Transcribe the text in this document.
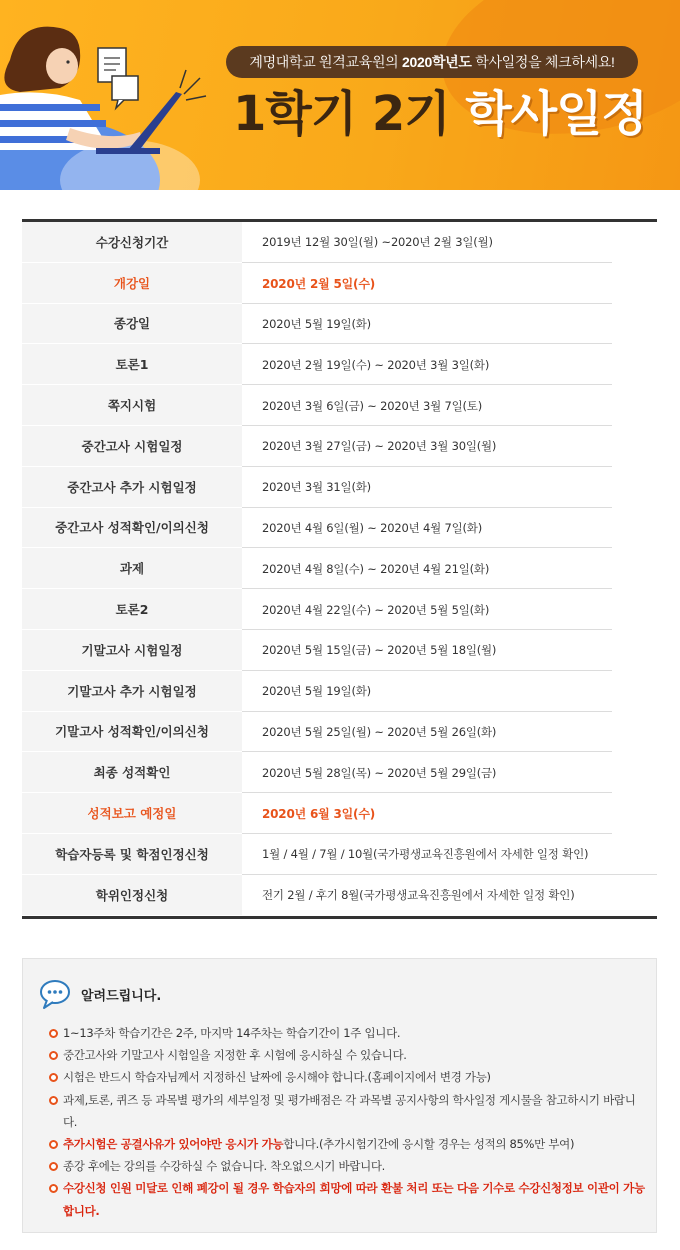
계명대학교 원격교육원의 2020학년도 학사일정을 체크하세요!
1학기 2기 학사일정
수강신청기간	2019년 12월 30일(월) ~2020년 2월 3일(월)
개강일	2020년 2월 5일(수)
종강일	2020년 5월 19일(화)
토론1	2020년 2월 19일(수) ~ 2020년 3월 3일(화)
쪽지시험	2020년 3월 6일(금) ~ 2020년 3월 7일(토)
중간고사 시험일정	2020년 3월 27일(금) ~ 2020년 3월 30일(월)
중간고사 추가 시험일정	2020년 3월 31일(화)
중간고사 성적확인/이의신청	2020년 4월 6일(월) ~ 2020년 4월 7일(화)
과제	2020년 4월 8일(수) ~ 2020년 4월 21일(화)
토론2	2020년 4월 22일(수) ~ 2020년 5월 5일(화)
기말고사 시험일정	2020년 5월 15일(금) ~ 2020년 5월 18일(월)
기말고사 추가 시험일정	2020년 5월 19일(화)
기말고사 성적확인/이의신청	2020년 5월 25일(월) ~ 2020년 5월 26일(화)
최종 성적확인	2020년 5월 28일(목) ~ 2020년 5월 29일(금)
성적보고 예정일	2020년 6월 3일(수)
학습자등록 및 학점인정신청	1월 / 4월 / 7월 / 10월(국가평생교육진흥원에서 자세한 일정 확인)
학위인정신청	전기 2월 / 후기 8월(국가평생교육진흥원에서 자세한 일정 확인)
알려드립니다.
1~13주차 학습기간은 2주, 마지막 14주차는 학습기간이 1주 입니다.
중간고사와 기말고사 시험일을 지정한 후 시험에 응시하실 수 있습니다.
시험은 반드시 학습자님께서 지정하신 날짜에 응시해야 합니다.(홈페이지에서 변경 가능)
과제,토론, 퀴즈 등 과목별 평가의 세부일정 및 평가배점은 각 과목별 공지사항의 학사일정 게시물을 참고하시기 바랍니다.
추가시험은 공결사유가 있어야만 응시가 가능합니다.(추가시험기간에 응시할 경우는 성적의 85%만 부여)
종강 후에는 강의를 수강하실 수 없습니다. 착오없으시기 바랍니다.
수강신청 인원 미달로 인해 폐강이 될 경우 학습자의 희망에 따라 환불 처리 또는 다음 기수로 수강신청정보 이관이 가능합니다.
